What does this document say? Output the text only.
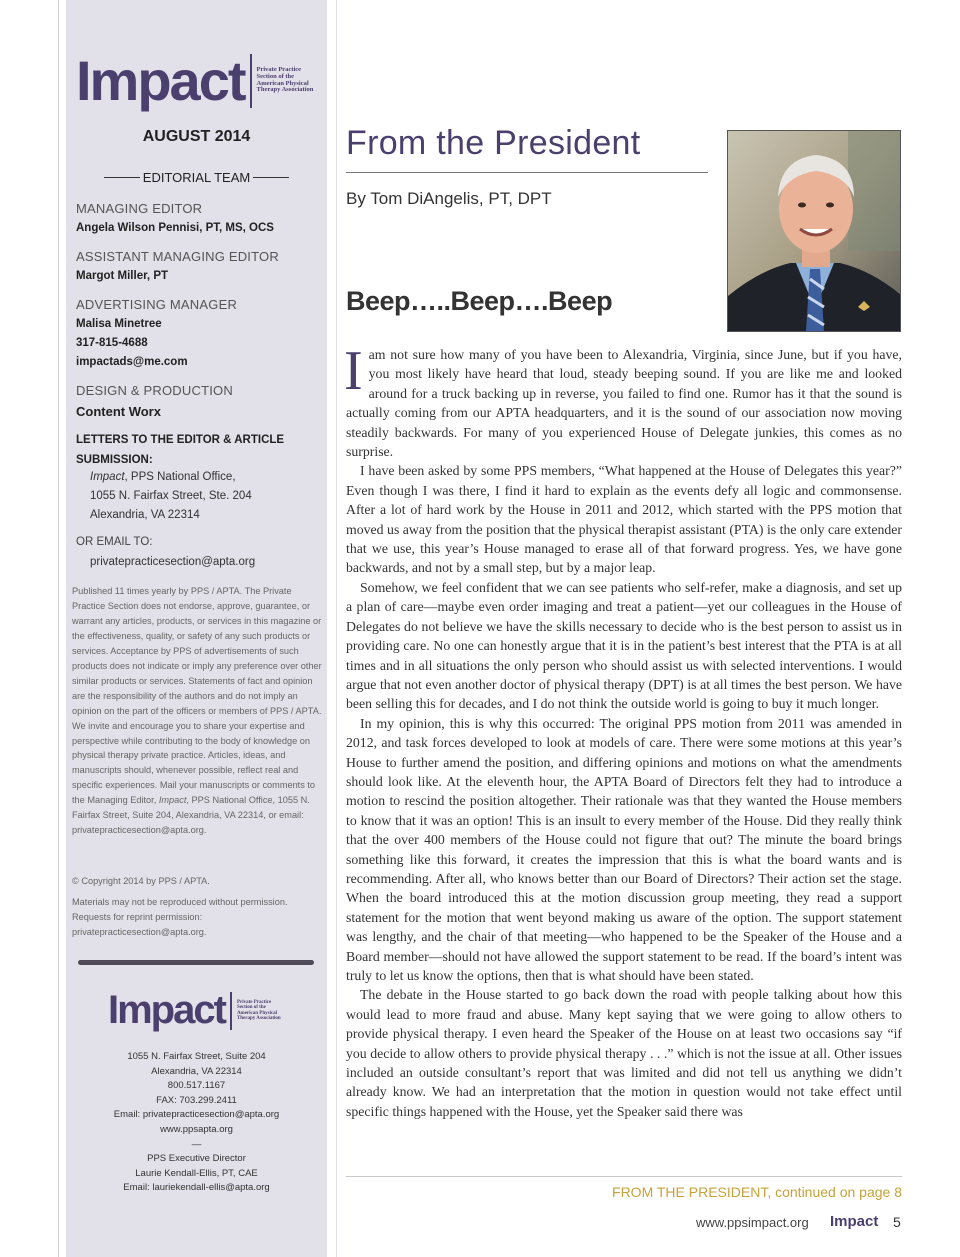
Impact Private Practice Section of the American Physical Therapy Association
AUGUST 2014
EDITORIAL TEAM
MANAGING EDITOR
Angela Wilson Pennisi, PT, MS, OCS
ASSISTANT MANAGING EDITOR
Margot Miller, PT
ADVERTISING MANAGER
Malisa Minetree
317-815-4688
impactads@me.com
DESIGN & PRODUCTION
Content Worx
LETTERS TO THE EDITOR & ARTICLE SUBMISSION:
Impact, PPS National Office,
1055 N. Fairfax Street, Ste. 204
Alexandria, VA 22314
OR EMAIL TO:
privatepracticesection@apta.org
Published 11 times yearly by PPS / APTA. The Private Practice Section does not endorse, approve, guarantee, or warrant any articles, products, or services in this magazine or the effectiveness, quality, or safety of any such products or services. Acceptance by PPS of advertisements of such products does not indicate or imply any preference over other similar products or services. Statements of fact and opinion are the responsibility of the authors and do not imply an opinion on the part of the officers or members of PPS / APTA. We invite and encourage you to share your expertise and perspective while contributing to the body of knowledge on physical therapy private practice. Articles, ideas, and manuscripts should, whenever possible, reflect real and specific experiences. Mail your manuscripts or comments to the Managing Editor, Impact, PPS National Office, 1055 N. Fairfax Street, Suite 204, Alexandria, VA 22314, or email: privatepracticesection@apta.org.
© Copyright 2014 by PPS / APTA.
Materials may not be reproduced without permission. Requests for reprint permission: privatepracticesection@apta.org.
Impact Private Practice Section of the American Physical Therapy Association
1055 N. Fairfax Street, Suite 204
Alexandria, VA 22314
800.517.1167
FAX: 703.299.2411
Email: privatepracticesection@apta.org
www.ppsapta.org
—
PPS Executive Director
Laurie Kendall-Ellis, PT, CAE
Email: lauriekendall-ellis@apta.org
From the President
By Tom DiAngelis, PT, DPT
Beep…..Beep….Beep

Iam not sure how many of you have been to Alexandria, Virginia, since June, but if you have, you most likely have heard that loud, steady beeping sound. If you are like me and looked around for a truck backing up in reverse, you failed to find one. Rumor has it that the sound is actually coming from our APTA headquarters, and it is the sound of our association now moving steadily backwards. For many of you experienced House of Delegate junkies, this comes as no surprise.

I have been asked by some PPS members, “What happened at the House of Delegates this year?” Even though I was there, I find it hard to explain as the events defy all logic and commonsense. After a lot of hard work by the House in 2011 and 2012, which started with the PPS motion that moved us away from the position that the physical therapist assistant (PTA) is the only care extender that we use, this year’s House managed to erase all of that forward progress. Yes, we have gone backwards, and not by a small step, but by a major leap.

Somehow, we feel confident that we can see patients who self-refer, make a diagnosis, and set up a plan of care—maybe even order imaging and treat a patient—yet our colleagues in the House of Delegates do not believe we have the skills necessary to decide who is the best person to assist us in providing care. No one can honestly argue that it is in the patient’s best interest that the PTA is at all times and in all situations the only person who should assist us with selected interventions. I would argue that not even another doctor of physical therapy (DPT) is at all times the best person. We have been selling this for decades, and I do not think the outside world is going to buy it much longer.

In my opinion, this is why this occurred: The original PPS motion from 2011 was amended in 2012, and task forces developed to look at models of care. There were some motions at this year’s House to further amend the position, and differing opinions and motions on what the amendments should look like. At the eleventh hour, the APTA Board of Directors felt they had to introduce a motion to rescind the position altogether. Their rationale was that they wanted the House members to know that it was an option! This is an insult to every member of the House. Did they really think that the over 400 members of the House could not figure that out? The minute the board brings something like this forward, it creates the impression that this is what the board wants and is recommending. After all, who knows better than our Board of Directors? Their action set the stage. When the board introduced this at the motion discussion group meeting, they read a support statement for the motion that went beyond making us aware of the option. The support statement was lengthy, and the chair of that meeting—who happened to be the Speaker of the House and a Board member—should not have allowed the support statement to be read. If the board’s intent was truly to let us know the options, then that is what should have been stated.

The debate in the House started to go back down the road with people talking about how this would lead to more fraud and abuse. Many kept saying that we were going to allow others to provide physical therapy. I even heard the Speaker of the House on at least two occasions say “if you decide to allow others to provide physical therapy . . .” which is not the issue at all. Other issues included an outside consultant’s report that was limited and did not tell us anything we didn’t already know. We had an interpretation that the motion in question would not take effect until specific things happened with the House, yet the Speaker said there was

FROM THE PRESIDENT, continued on page 8
www.ppsimpact.org Impact 5
